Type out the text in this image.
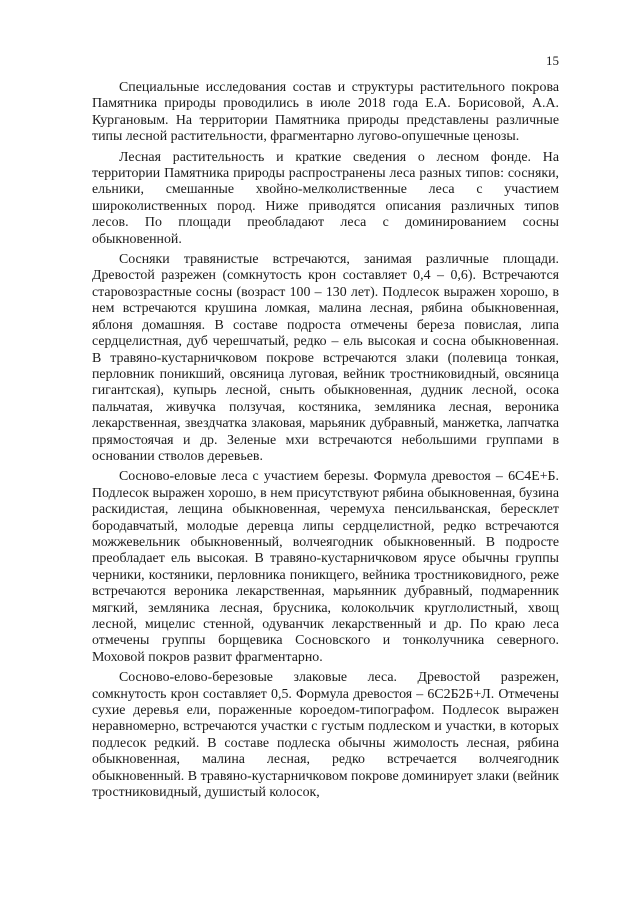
15

Специальные исследования состав и структуры растительного покрова Памятника природы проводились в июле 2018 года Е.А. Борисовой, А.А. Кургановым. На территории Памятника природы представлены различные типы лесной растительности, фрагментарно лугово-опушечные ценозы.

Лесная растительность и краткие сведения о лесном фонде. На территории Памятника природы распространены леса разных типов: сосняки, ельники, смешанные хвойно-мелколиственные леса с участием широколиственных пород. Ниже приводятся описания различных типов лесов. По площади преобладают леса с доминированием сосны обыкновенной.

Сосняки травянистые встречаются, занимая различные площади. Древостой разрежен (сомкнутость крон составляет 0,4 – 0,6). Встречаются старовозрастные сосны (возраст 100 – 130 лет). Подлесок выражен хорошо, в нем встречаются крушина ломкая, малина лесная, рябина обыкновенная, яблоня домашняя. В составе подроста отмечены береза повислая, липа сердцелистная, дуб черешчатый, редко – ель высокая и сосна обыкновенная. В травяно-кустарничковом покрове встречаются злаки (полевица тонкая, перловник поникший, овсяница луговая, вейник тростниковидный, овсяница гигантская), купырь лесной, сныть обыкновенная, дудник лесной, осока пальчатая, живучка ползучая, костяника, земляника лесная, вероника лекарственная, звездчатка злаковая, марьяник дубравный, манжетка, лапчатка прямостоячая и др. Зеленые мхи встречаются небольшими группами в основании стволов деревьев.

Сосново-еловые леса с участием березы. Формула древостоя – 6С4Е+Б. Подлесок выражен хорошо, в нем присутствуют рябина обыкновенная, бузина раскидистая, лещина обыкновенная, черемуха пенсильванская, бересклет бородавчатый, молодые деревца липы сердцелистной, редко встречаются можжевельник обыкновенный, волчеягодник обыкновенный. В подросте преобладает ель высокая. В травяно-кустарничковом ярусе обычны группы черники, костяники, перловника поникщего, вейника тростниковидного, реже встречаются вероника лекарственная, марьянник дубравный, подмаренник мягкий, земляника лесная, брусника, колокольчик круглолистный, хвощ лесной, мицелис стенной, одуванчик лекарственный и др. По краю леса отмечены группы борщевика Сосновского и тонколучника северного. Моховой покров развит фрагментарно.

Сосново-елово-березовые злаковые леса. Древостой разрежен, сомкнутость крон составляет 0,5. Формула древостоя – 6С2Б2Б+Л. Отмечены сухие деревья ели, пораженные короедом-типографом. Подлесок выражен неравномерно, встречаются участки с густым подлеском и участки, в которых подлесок редкий. В составе подлеска обычны жимолость лесная, рябина обыкновенная, малина лесная, редко встречается волчеягодник обыкновенный. В травяно-кустарничковом покрове доминирует злаки (вейник тростниковидный, душистый колосок,
